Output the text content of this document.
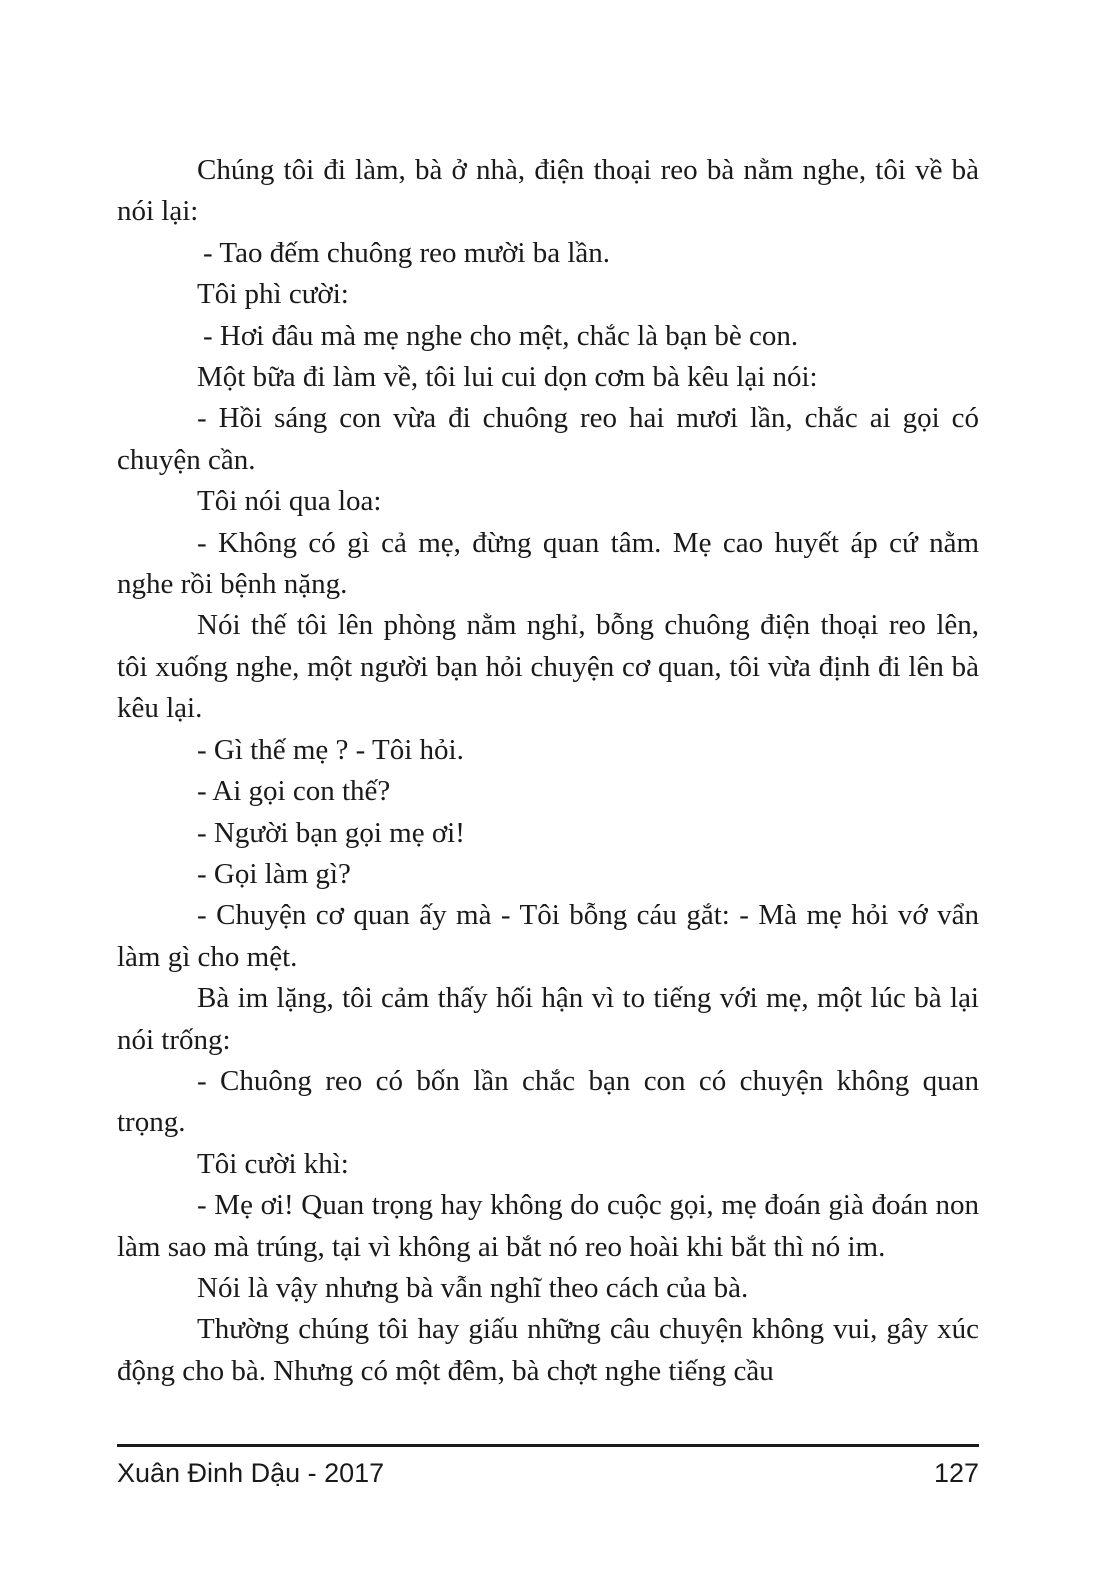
Chúng tôi đi làm, bà ở nhà, điện thoại reo bà nằm nghe, tôi về bà nói lại:

- Tao đếm chuông reo mười ba lần.

Tôi phì cười:

- Hơi đâu mà mẹ nghe cho mệt, chắc là bạn bè con.

Một bữa đi làm về, tôi lui cui dọn cơm bà kêu lại nói:

- Hồi sáng con vừa đi chuông reo hai mươi lần, chắc ai gọi có chuyện cần.

Tôi nói qua loa:

- Không có gì cả mẹ, đừng quan tâm. Mẹ cao huyết áp cứ nằm nghe rồi bệnh nặng.

Nói thế tôi lên phòng nằm nghỉ, bỗng chuông điện thoại reo lên, tôi xuống nghe, một người bạn hỏi chuyện cơ quan, tôi vừa định đi lên bà kêu lại.

- Gì thế mẹ ? - Tôi hỏi.

- Ai gọi con thế?

- Người bạn gọi mẹ ơi!

- Gọi làm gì?

- Chuyện cơ quan ấy mà - Tôi bỗng cáu gắt: - Mà mẹ hỏi vớ vẩn làm gì cho mệt.

Bà im lặng, tôi cảm thấy hối hận vì to tiếng với mẹ, một lúc bà lại nói trống:

- Chuông reo có bốn lần chắc bạn con có chuyện không quan trọng.

Tôi cười khì:

- Mẹ ơi! Quan trọng hay không do cuộc gọi, mẹ đoán già đoán non làm sao mà trúng, tại vì không ai bắt nó reo hoài khi bắt thì nó im.

Nói là vậy nhưng bà vẫn nghĩ theo cách của bà.

Thường chúng tôi hay giấu những câu chuyện không vui, gây xúc động cho bà. Nhưng có một đêm, bà chợt nghe tiếng cầu

Xuân Đinh Dậu - 2017	127
